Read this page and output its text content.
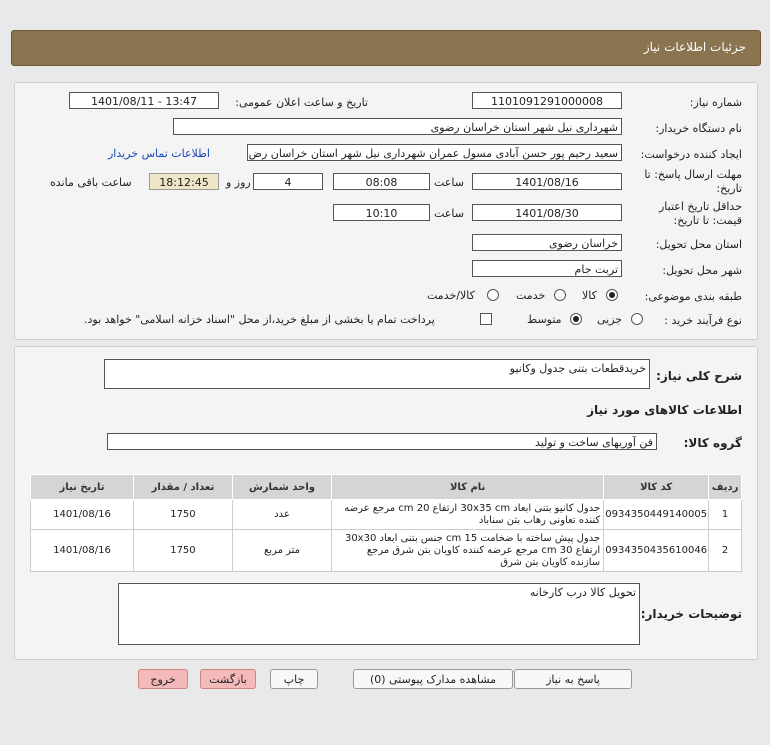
جزئیات اطلاعات نیاز
شماره نیاز:
1101091291000008
تاریخ و ساعت اعلان عمومی:
1401/08/11 - 13:47
نام دستگاه خریدار:
شهرداری نیل شهر استان خراسان رضوی
ایجاد کننده درخواست:
سعید رحیم پور حسن آبادی مسول عمران شهرداری نیل شهر استان خراسان رض
اطلاعات تماس خریدار
مهلت ارسال پاسخ: تا
تاریخ:
1401/08/16
ساعت
08:08
4
روز و
18:12:45
ساعت باقی مانده
حداقل تاریخ اعتبار
قیمت: تا تاریخ:
1401/08/30
ساعت
10:10
استان محل تحویل:
خراسان رضوی
شهر محل تحویل:
تربت جام
طبقه بندی موضوعی:
کالا
خدمت
کالا/خدمت
نوع فرآیند خرید :
جزیی
متوسط
پرداخت تمام یا بخشی از مبلغ خرید،از محل "اسناد خزانه اسلامی" خواهد بود.
شرح کلی نیاز:
خریدقطعات بتنی جدول وکانیو
اطلاعات کالاهای مورد نیاز
گروه کالا:
فن آوریهای ساخت و تولید
ردیف	کد کالا	نام کالا	واحد شمارش	تعداد / مقدار	تاریخ نیاز
1	0934350449140005	جدول کانیو بتنی ابعاد 30x35 cm ارتفاع 20 cm مرجع عرضه کننده تعاونی رهاب بتن سناباد	عدد	1750	1401/08/16
2	0934350435610046	جدول پیش ساخته با ضخامت 15 cm جنس بتنی ابعاد 30x30 ارتفاع 30 cm مرجع عرضه کننده کاویان بتن شرق مرجع سازنده کاویان بتن شرق	متر مربع	1750	1401/08/16
توضیحات خریدار:
تحویل کالا درب کارخانه
پاسخ به نیاز
مشاهده مدارک پیوستی (0)
چاپ
بازگشت
خروج
